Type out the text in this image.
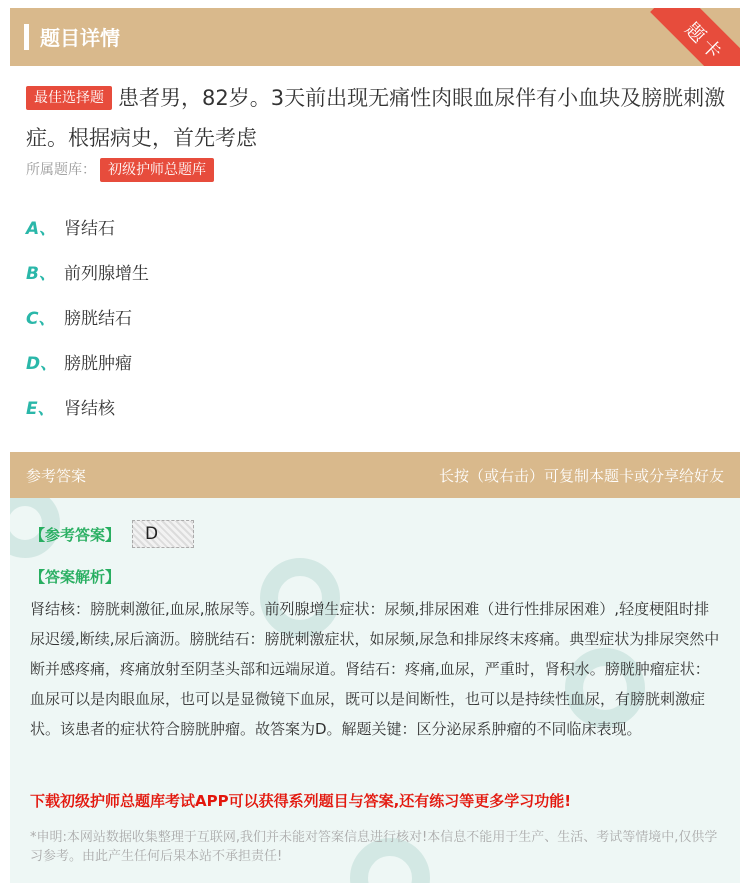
题目详情	题卡
最佳选择题 患者男，82岁。3天前出现无痛性肉眼血尿伴有小血块及膀胱刺激症。根据病史，首先考虑
所属题库： 初级护师总题库
A、 肾结石
B、 前列腺增生
C、 膀胱结石
D、 膀胱肿瘤
E、 肾结核
参考答案	长按（或右击）可复制本题卡或分享给好友
【参考答案】	D
【答案解析】
肾结核：膀胱刺激征,血尿,脓尿等。前列腺增生症状：尿频,排尿困难（进行性排尿困难）,轻度梗阻时排尿迟缓,断续,尿后滴沥。膀胱结石：膀胱刺激症状，如尿频,尿急和排尿终末疼痛。典型症状为排尿突然中断并感疼痛，疼痛放射至阴茎头部和远端尿道。肾结石：疼痛,血尿，严重时，肾积水。膀胱肿瘤症状：血尿可以是肉眼血尿，也可以是显微镜下血尿，既可以是间断性，也可以是持续性血尿，有膀胱刺激症状。该患者的症状符合膀胱肿瘤。故答案为D。解题关键：区分泌尿系肿瘤的不同临床表现。
下载初级护师总题库考试APP可以获得系列题目与答案,还有练习等更多学习功能!
*申明:本网站数据收集整理于互联网,我们并未能对答案信息进行核对!本信息不能用于生产、生活、考试等情境中,仅供学习参考。由此产生任何后果本站不承担责任!
